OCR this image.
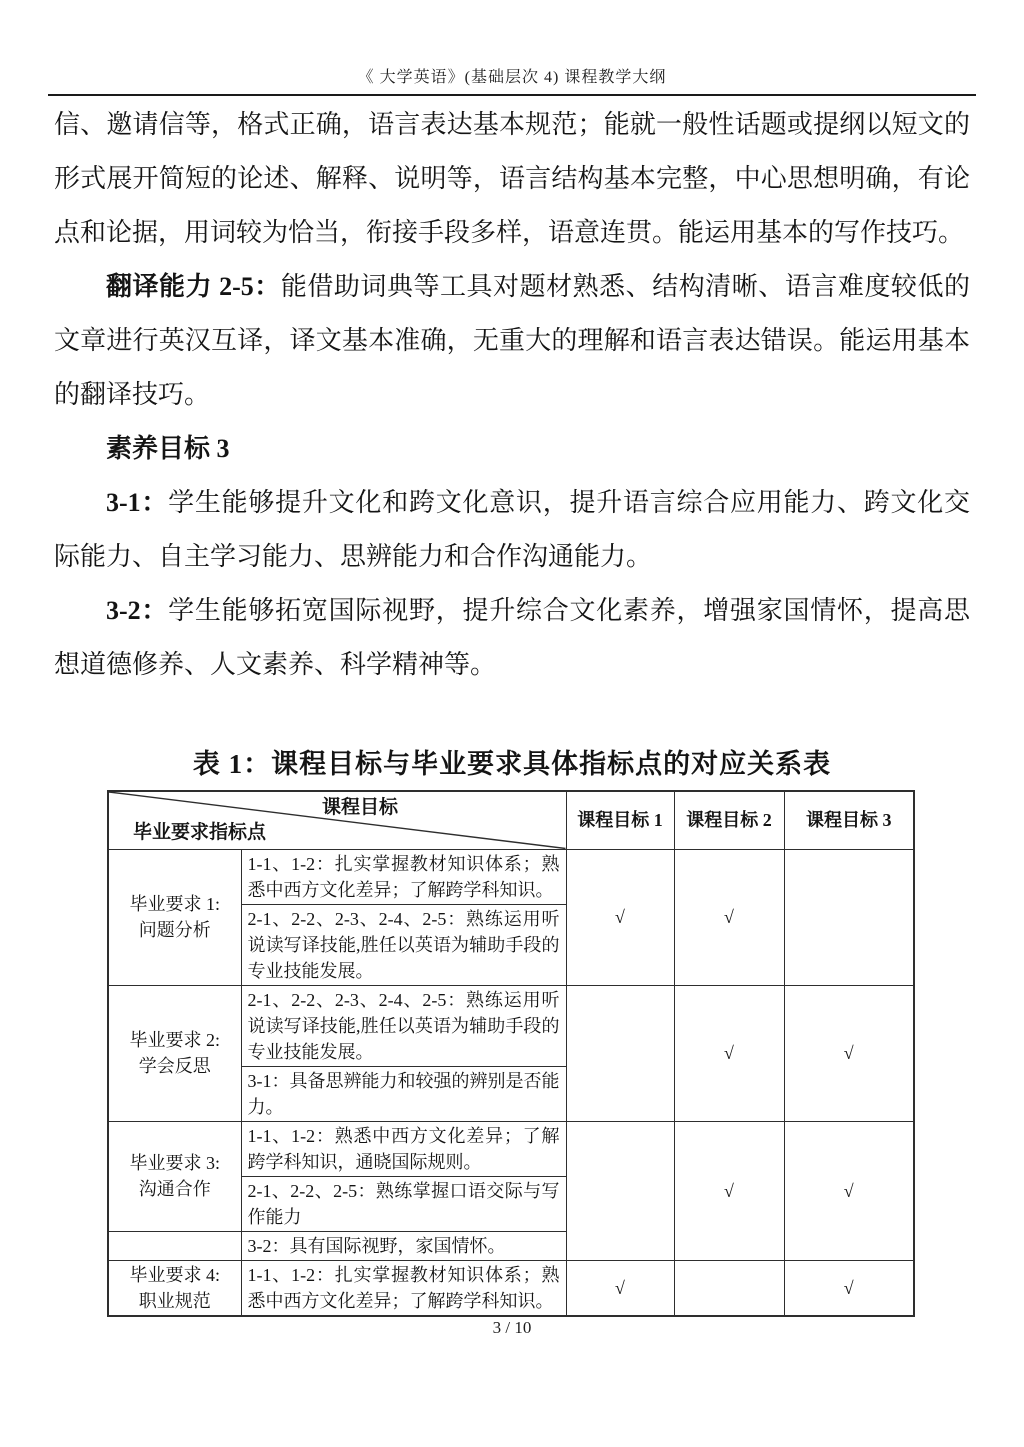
《 大学英语》(基础层次 4) 课程教学大纲

信、邀请信等，格式正确，语言表达基本规范；能就一般性话题或提纲以短文的形式展开简短的论述、解释、说明等，语言结构基本完整，中心思想明确，有论点和论据，用词较为恰当，衔接手段多样，语意连贯。能运用基本的写作技巧。

翻译能力 2-5：能借助词典等工具对题材熟悉、结构清晰、语言难度较低的文章进行英汉互译，译文基本准确，无重大的理解和语言表达错误。能运用基本的翻译技巧。

素养目标 3

3-1：学生能够提升文化和跨文化意识，提升语言综合应用能力、跨文化交际能力、自主学习能力、思辨能力和合作沟通能力。

3-2：学生能够拓宽国际视野，提升综合文化素养，增强家国情怀，提高思想道德修养、人文素养、科学精神等。

表 1：课程目标与毕业要求具体指标点的对应关系表
课程目标
毕业要求指标点		课程目标 1	课程目标 2	课程目标 3
毕业要求 1:
问题分析	1-1、1-2：扎实掌握教材知识体系；熟悉中西方文化差异；了解跨学科知识。	√	√	
	2-1、2-2、2-3、2-4、2-5：熟练运用听说读写译技能,胜任以英语为辅助手段的专业技能发展。			
毕业要求 2:
学会反思	2-1、2-2、2-3、2-4、2-5：熟练运用听说读写译技能,胜任以英语为辅助手段的专业技能发展。		√	√
	3-1：具备思辨能力和较强的辨别是否能力。			
毕业要求 3:
沟通合作	1-1、1-2：熟悉中西方文化差异；了解跨学科知识，通晓国际规则。		√	√
	2-1、2-2、2-5：熟练掌握口语交际与写作能力			
	3-2：具有国际视野，家国情怀。			
毕业要求 4:
职业规范	1-1、1-2：扎实掌握教材知识体系；熟悉中西方文化差异；了解跨学科知识。	√		√
3 / 10
